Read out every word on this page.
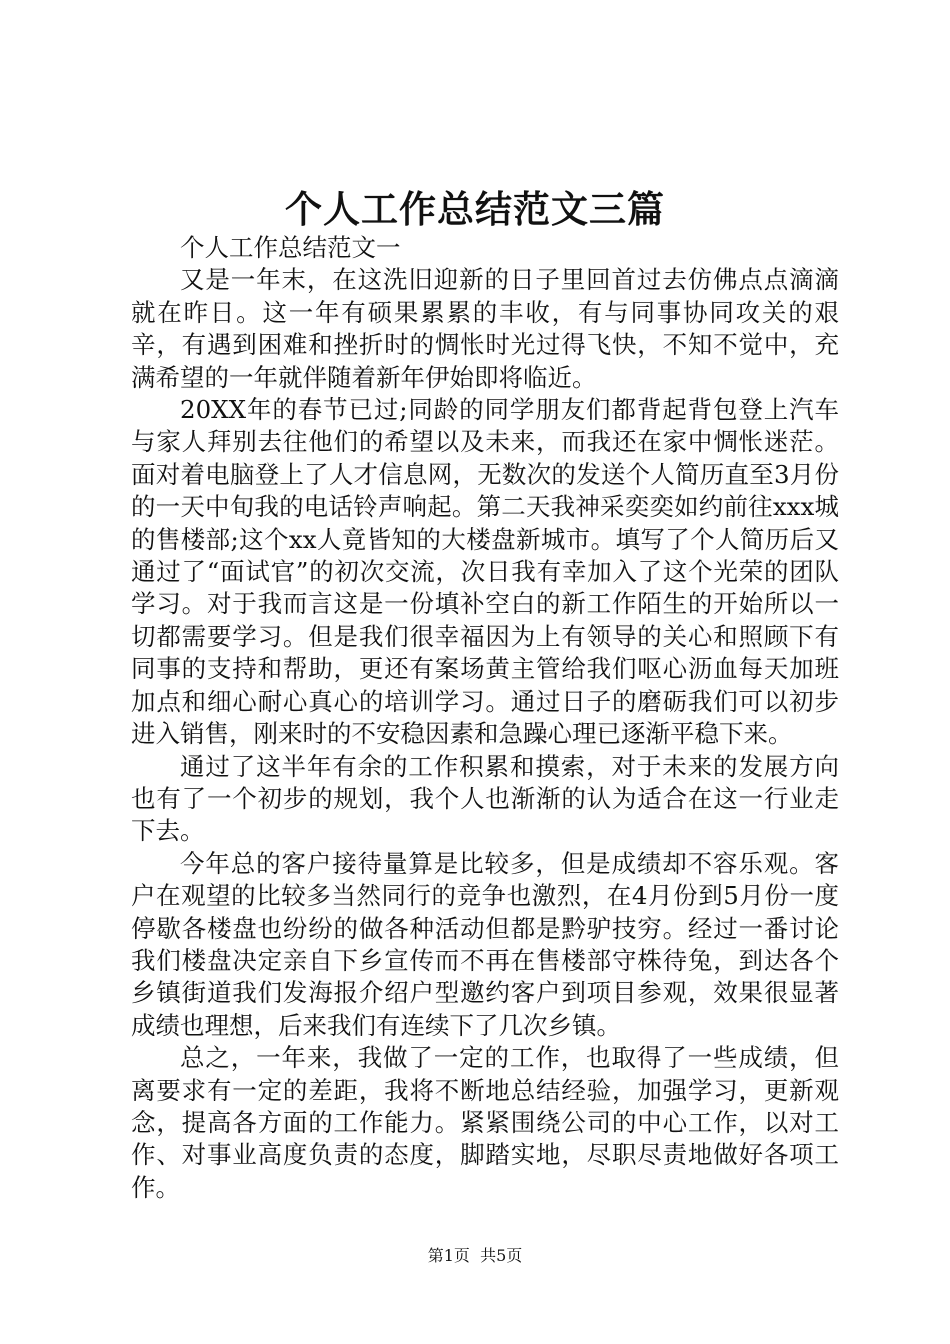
个人工作总结范文三篇

个人工作总结范文一

又是一年末，在这洗旧迎新的日子里回首过去仿佛点点滴滴就在昨日。这一年有硕果累累的丰收，有与同事协同攻关的艰辛，有遇到困难和挫折时的惆怅时光过得飞快，不知不觉中，充满希望的一年就伴随着新年伊始即将临近。

20XX年的春节已过;同龄的同学朋友们都背起背包登上汽车与家人拜别去往他们的希望以及未来，而我还在家中惆怅迷茫。面对着电脑登上了人才信息网，无数次的发送个人简历直至3月份的一天中旬我的电话铃声响起。第二天我神采奕奕如约前往xxx城的售楼部;这个xx人竟皆知的大楼盘新城市。填写了个人简历后又通过了“面试官”的初次交流，次日我有幸加入了这个光荣的团队学习。对于我而言这是一份填补空白的新工作陌生的开始所以一切都需要学习。但是我们很幸福因为上有领导的关心和照顾下有同事的支持和帮助，更还有案场黄主管给我们呕心沥血每天加班加点和细心耐心真心的培训学习。通过日子的磨砺我们可以初步进入销售，刚来时的不安稳因素和急躁心理已逐渐平稳下来。

通过了这半年有余的工作积累和摸索，对于未来的发展方向也有了一个初步的规划，我个人也渐渐的认为适合在这一行业走下去。

今年总的客户接待量算是比较多，但是成绩却不容乐观。客户在观望的比较多当然同行的竞争也激烈，在4月份到5月份一度停歇各楼盘也纷纷的做各种活动但都是黔驴技穷。经过一番讨论我们楼盘决定亲自下乡宣传而不再在售楼部守株待兔，到达各个乡镇街道我们发海报介绍户型邀约客户到项目参观，效果很显著成绩也理想，后来我们有连续下了几次乡镇。

总之，一年来，我做了一定的工作，也取得了一些成绩，但离要求有一定的差距，我将不断地总结经验，加强学习，更新观念，提高各方面的工作能力。紧紧围绕公司的中心工作，以对工作、对事业高度负责的态度，脚踏实地，尽职尽责地做好各项工作。

第1页 共5页
